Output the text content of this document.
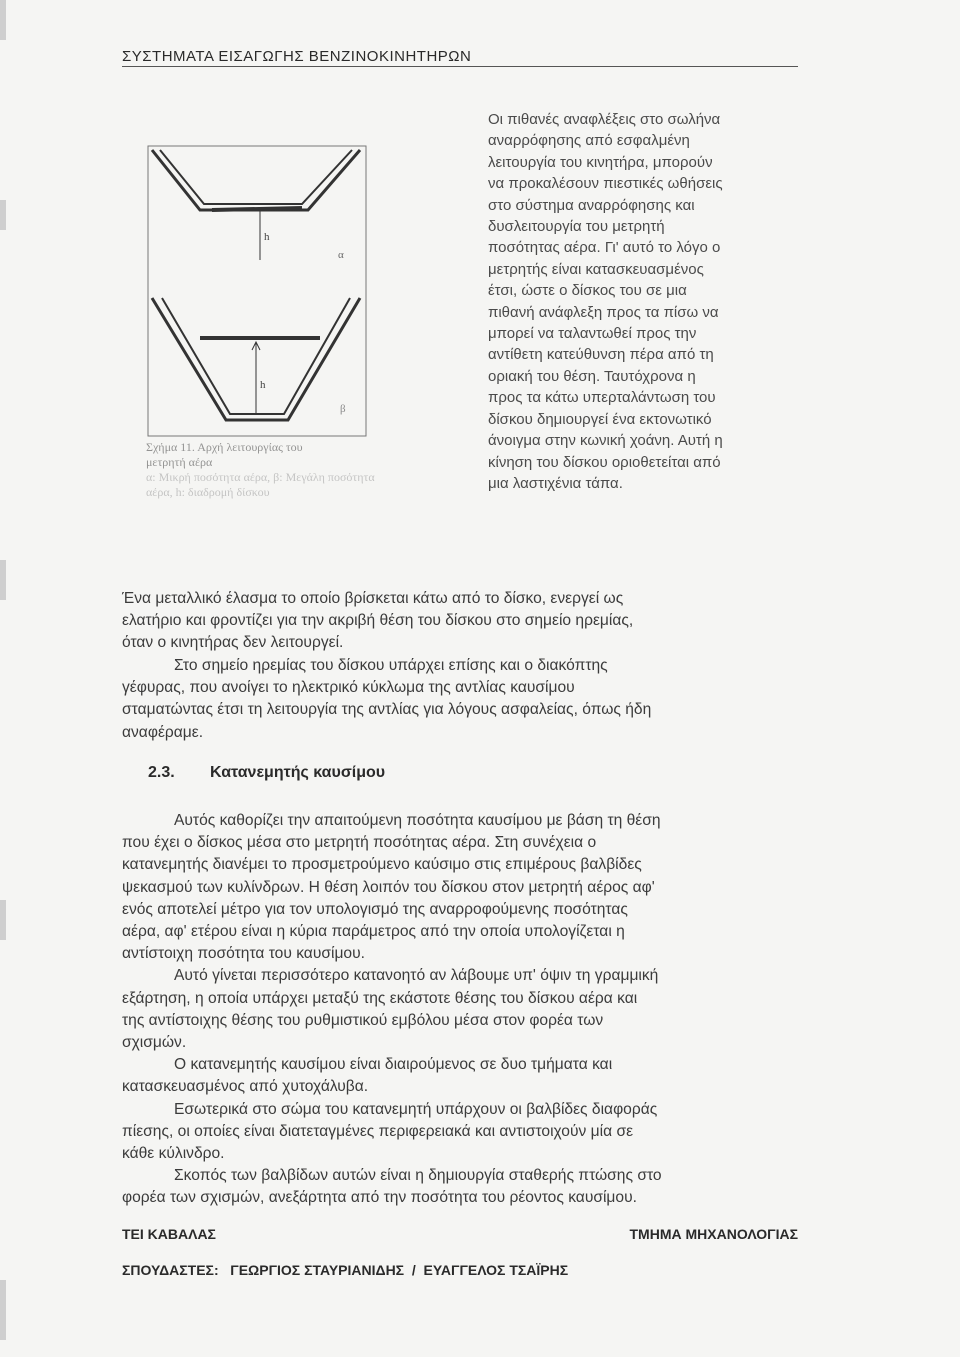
ΣΥΣΤΗΜΑΤΑ ΕΙΣΑΓΩΓΗΣ ΒΕΝΖΙΝΟΚΙΝΗΤΗΡΩΝ
h
α
h
β
Σχήμα 11. Αρχή λειτουργίας του
μετρητή αέρα
α: Μικρή ποσότητα αέρα, β: Μεγάλη ποσότητα αέρα, h: διαδρομή δίσκου
Οι πιθανές αναφλέξεις στο σωλήνα
αναρρόφησης από εσφαλμένη
λειτουργία του κινητήρα, μπορούν
να προκαλέσουν πιεστικές ωθήσεις
στο σύστημα αναρρόφησης και
δυσλειτουργία του μετρητή
ποσότητας αέρα. Γι' αυτό το λόγο ο
μετρητής είναι κατασκευασμένος
έτσι, ώστε ο δίσκος του σε μια
πιθανή ανάφλεξη προς τα πίσω να
μπορεί να ταλαντωθεί προς την
αντίθετη κατεύθυνση πέρα από τη
οριακή του θέση. Ταυτόχρονα η
προς τα κάτω υπερταλάντωση του
δίσκου δημιουργεί ένα εκτονωτικό
άνοιγμα στην κωνική χοάνη. Αυτή η
κίνηση του δίσκου οριοθετείται από
μια λαστιχένια τάπα.
Ένα μεταλλικό έλασμα το οποίο βρίσκεται κάτω από το δίσκο, ενεργεί ως
ελατήριο και φροντίζει για την ακριβή θέση του δίσκου στο σημείο ηρεμίας,
όταν ο κινητήρας δεν λειτουργεί.
Στο σημείο ηρεμίας του δίσκου υπάρχει επίσης και ο διακόπτης
γέφυρας, που ανοίγει το ηλεκτρικό κύκλωμα της αντλίας καυσίμου
σταματώντας έτσι τη λειτουργία της αντλίας για λόγους ασφαλείας, όπως ήδη
αναφέραμε.
2.3. Κατανεμητής καυσίμου
Αυτός καθορίζει την απαιτούμενη ποσότητα καυσίμου με βάση τη θέση
που έχει ο δίσκος μέσα στο μετρητή ποσότητας αέρα. Στη συνέχεια ο
κατανεμητής διανέμει το προσμετρούμενο καύσιμο στις επιμέρους βαλβίδες
ψεκασμού των κυλίνδρων. Η θέση λοιπόν του δίσκου στον μετρητή αέρος αφ'
ενός αποτελεί μέτρο για τον υπολογισμό της αναρροφούμενης ποσότητας
αέρα, αφ' ετέρου είναι η κύρια παράμετρος από την οποία υπολογίζεται η
αντίστοιχη ποσότητα του καυσίμου.
Αυτό γίνεται περισσότερο κατανοητό αν λάβουμε υπ' όψιν τη γραμμική
εξάρτηση, η οποία υπάρχει μεταξύ της εκάστοτε θέσης του δίσκου αέρα και
της αντίστοιχης θέσης του ρυθμιστικού εμβόλου μέσα στον φορέα των
σχισμών.
Ο κατανεμητής καυσίμου είναι διαιρούμενος σε δυο τμήματα και
κατασκευασμένος από χυτοχάλυβα.
Εσωτερικά στο σώμα του κατανεμητή υπάρχουν οι βαλβίδες διαφοράς
πίεσης, οι οποίες είναι διατεταγμένες περιφερειακά και αντιστοιχούν μία σε
κάθε κύλινδρο.
Σκοπός των βαλβίδων αυτών είναι η δημιουργία σταθερής πτώσης στο
φορέα των σχισμών, ανεξάρτητα από την ποσότητα του ρέοντος καυσίμου.
ΤΕΙ ΚΑΒΑΛΑΣ	ΤΜΗΜΑ ΜΗΧΑΝΟΛΟΓΙΑΣ
ΣΠΟΥΔΑΣΤΕΣ:   ΓΕΩΡΓΙΟΣ ΣΤΑΥΡΙΑΝΙΔΗΣ  /  ΕΥΑΓΓΕΛΟΣ ΤΣΑΪΡΗΣ
